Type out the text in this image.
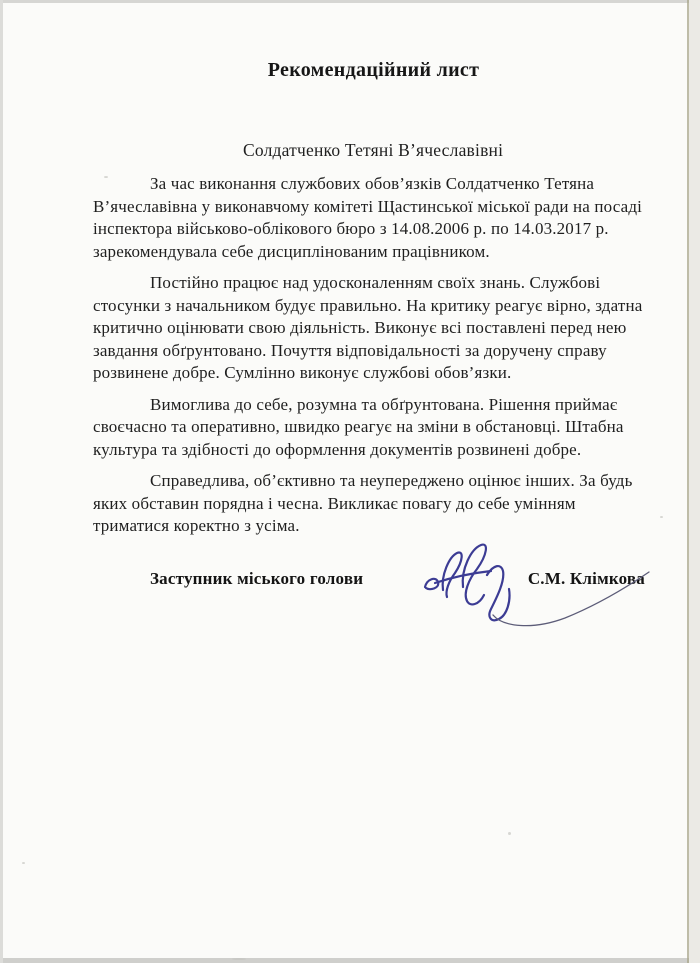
Рекомендаційний лист
Солдатченко Тетяні В’ячеславівні

За час виконання службових обов’язків Солдатченко Тетяна В’ячеславівна у виконавчому комітеті Щастинської міської ради на посаді інспектора військово-облікового бюро з 14.08.2006 р. по 14.03.2017 р. зарекомендувала себе дисциплінованим працівником.

Постійно працює над удосконаленням своїх знань. Службові стосунки з начальником будує правильно. На критику реагує вірно, здатна критично оцінювати свою діяльність. Виконує всі поставлені перед нею завдання обґрунтовано. Почуття відповідальності за доручену справу розвинене добре. Сумлінно виконує службові обов’язки.

Вимоглива до себе, розумна та обґрунтована. Рішення приймає своєчасно та оперативно, швидко реагує на зміни в обстановці. Штабна культура та здібності до оформлення документів розвинені добре.

Справедлива, об’єктивно та неупереджено оцінює інших. За будь яких обставин порядна і чесна. Викликає повагу до себе умінням триматися коректно з усіма.

Заступник міського голови	С.М. Клімкова
